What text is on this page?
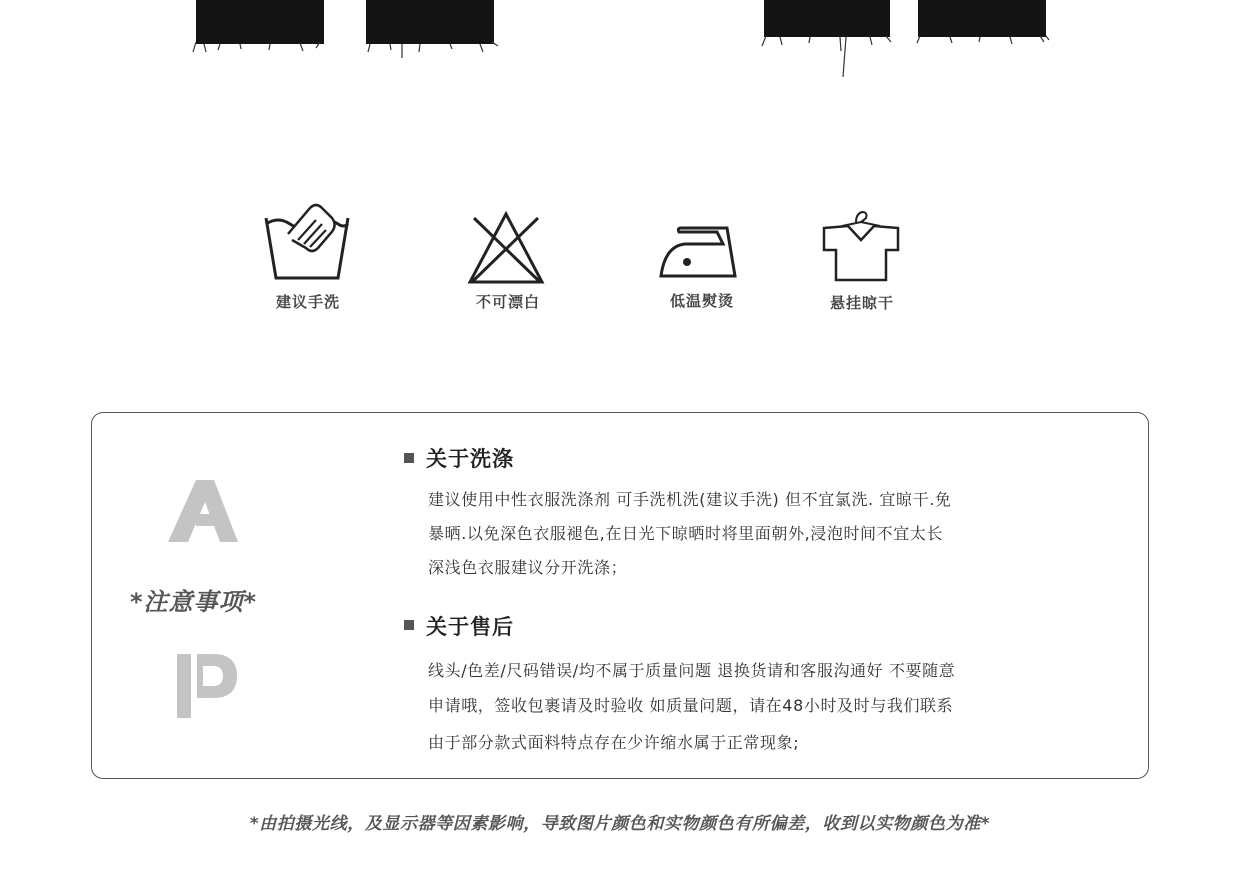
建议手洗	不可漂白	低温熨烫	悬挂晾干
*注意事项*
关于洗涤
建议使用中性衣服洗涤剂 可手洗机洗(建议手洗) 但不宜氯洗. 宜晾干.免
暴晒.以免深色衣服褪色,在日光下晾晒时将里面朝外,浸泡时间不宜太长
深浅色衣服建议分开洗涤；
关于售后
线头/色差/尺码错误/均不属于质量问题 退换货请和客服沟通好 不要随意
申请哦，签收包裹请及时验收 如质量问题，请在48小时及时与我们联系
由于部分款式面料特点存在少许缩水属于正常现象;
*由拍摄光线，及显示器等因素影响，导致图片颜色和实物颜色有所偏差，收到以实物颜色为准*
